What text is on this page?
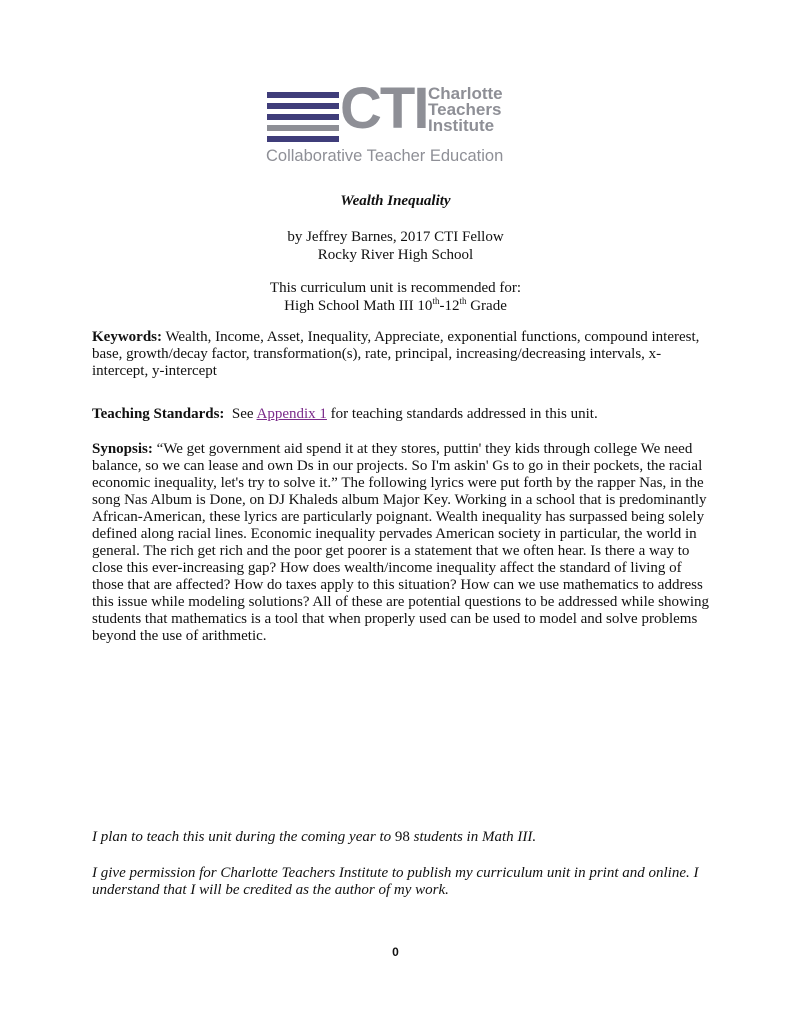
CTI Charlotte
Teachers
Institute
Collaborative Teacher Education
Wealth Inequality
by Jeffrey Barnes, 2017 CTI Fellow
Rocky River High School
This curriculum unit is recommended for:
High School Math III 10th-12th Grade
Keywords: Wealth, Income, Asset, Inequality, Appreciate, exponential functions, compound interest, base, growth/decay factor, transformation(s), rate, principal, increasing/decreasing intervals, x-intercept, y-intercept
Teaching Standards:  See Appendix 1 for teaching standards addressed in this unit.
Synopsis: “We get government aid spend it at they stores, puttin' they kids through college We need balance, so we can lease and own Ds in our projects. So I'm askin' Gs to go in their pockets, the racial economic inequality, let's try to solve it.” The following lyrics were put forth by the rapper Nas, in the song Nas Album is Done, on DJ Khaleds album Major Key. Working in a school that is predominantly African-American, these lyrics are particularly poignant. Wealth inequality has surpassed being solely defined along racial lines. Economic inequality pervades American society in particular, the world in general. The rich get rich and the poor get poorer is a statement that we often hear. Is there a way to close this ever-increasing gap? How does wealth/income inequality affect the standard of living of those that are affected? How do taxes apply to this situation? How can we use mathematics to address this issue while modeling solutions? All of these are potential questions to be addressed while showing students that mathematics is a tool that when properly used can be used to model and solve problems beyond the use of arithmetic.
I plan to teach this unit during the coming year to 98 students in Math III.
I give permission for Charlotte Teachers Institute to publish my curriculum unit in print and online. I understand that I will be credited as the author of my work.
0
